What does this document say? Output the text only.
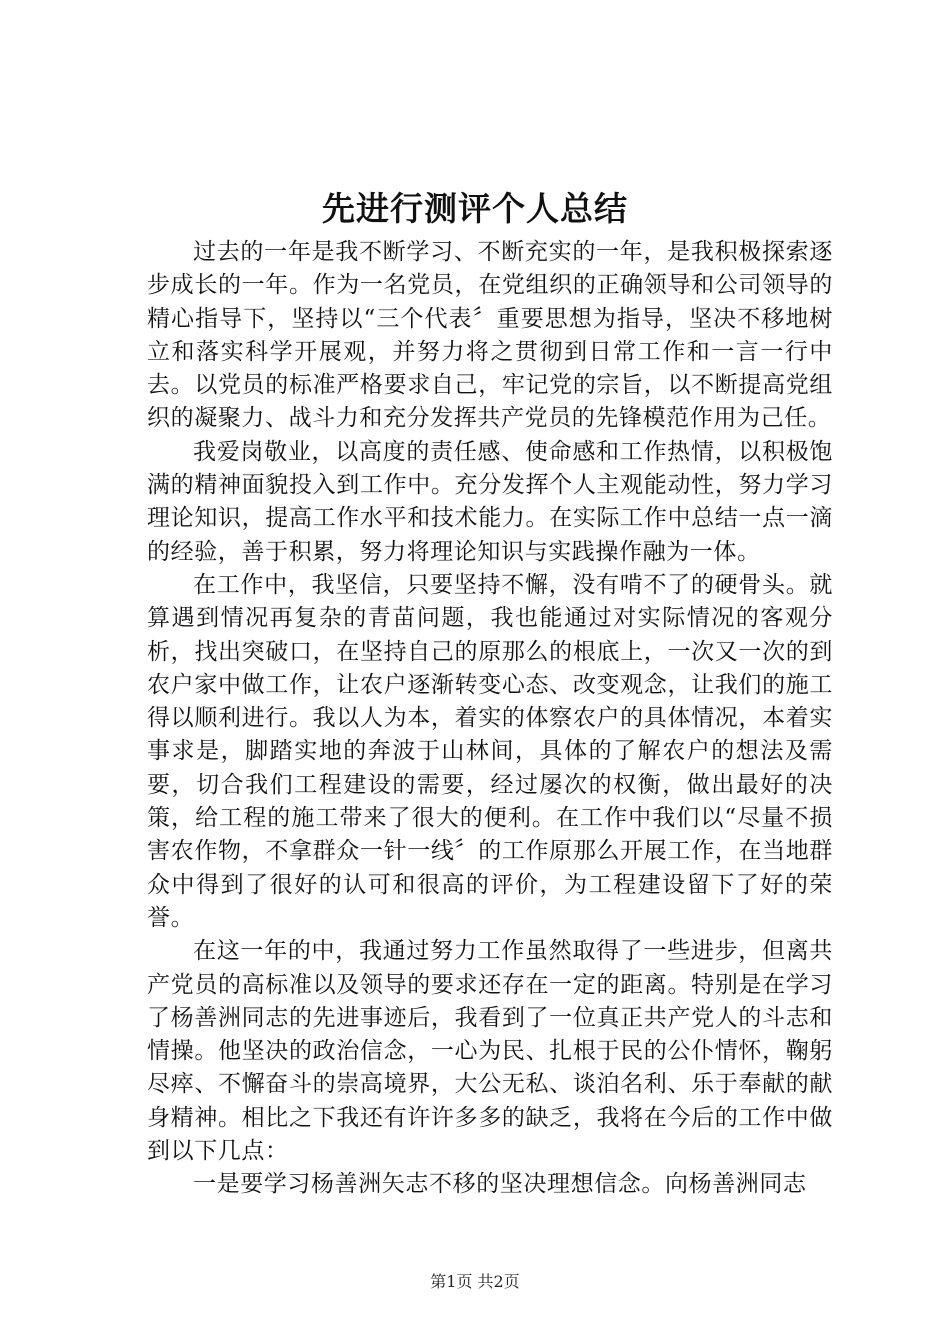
先进行测评个人总结

过去的一年是我不断学习、不断充实的一年，是我积极探索逐步成长的一年。作为一名党员，在党组织的正确领导和公司领导的精心指导下，坚持以“三个代表〞重要思想为指导，坚决不移地树立和落实科学开展观，并努力将之贯彻到日常工作和一言一行中去。以党员的标准严格要求自己，牢记党的宗旨，以不断提高党组织的凝聚力、战斗力和充分发挥共产党员的先锋模范作用为己任。

我爱岗敬业，以高度的责任感、使命感和工作热情，以积极饱满的精神面貌投入到工作中。充分发挥个人主观能动性，努力学习理论知识，提高工作水平和技术能力。在实际工作中总结一点一滴的经验，善于积累，努力将理论知识与实践操作融为一体。

在工作中，我坚信，只要坚持不懈，没有啃不了的硬骨头。就算遇到情况再复杂的青苗问题，我也能通过对实际情况的客观分析，找出突破口，在坚持自己的原那么的根底上，一次又一次的到农户家中做工作，让农户逐渐转变心态、改变观念，让我们的施工得以顺利进行。我以人为本，着实的体察农户的具体情况，本着实事求是，脚踏实地的奔波于山林间，具体的了解农户的想法及需要，切合我们工程建设的需要，经过屡次的权衡，做出最好的决策，给工程的施工带来了很大的便利。在工作中我们以“尽量不损害农作物，不拿群众一针一线〞的工作原那么开展工作，在当地群众中得到了很好的认可和很高的评价，为工程建设留下了好的荣誉。

在这一年的中，我通过努力工作虽然取得了一些进步，但离共产党员的高标准以及领导的要求还存在一定的距离。特别是在学习了杨善洲同志的先进事迹后，我看到了一位真正共产党人的斗志和情操。他坚决的政治信念，一心为民、扎根于民的公仆情怀，鞠躬尽瘁、不懈奋斗的崇高境界，大公无私、谈泊名利、乐于奉献的献身精神。相比之下我还有许许多多的缺乏，我将在今后的工作中做到以下几点：

一是要学习杨善洲矢志不移的坚决理想信念。向杨善洲同志

第1页 共2页
